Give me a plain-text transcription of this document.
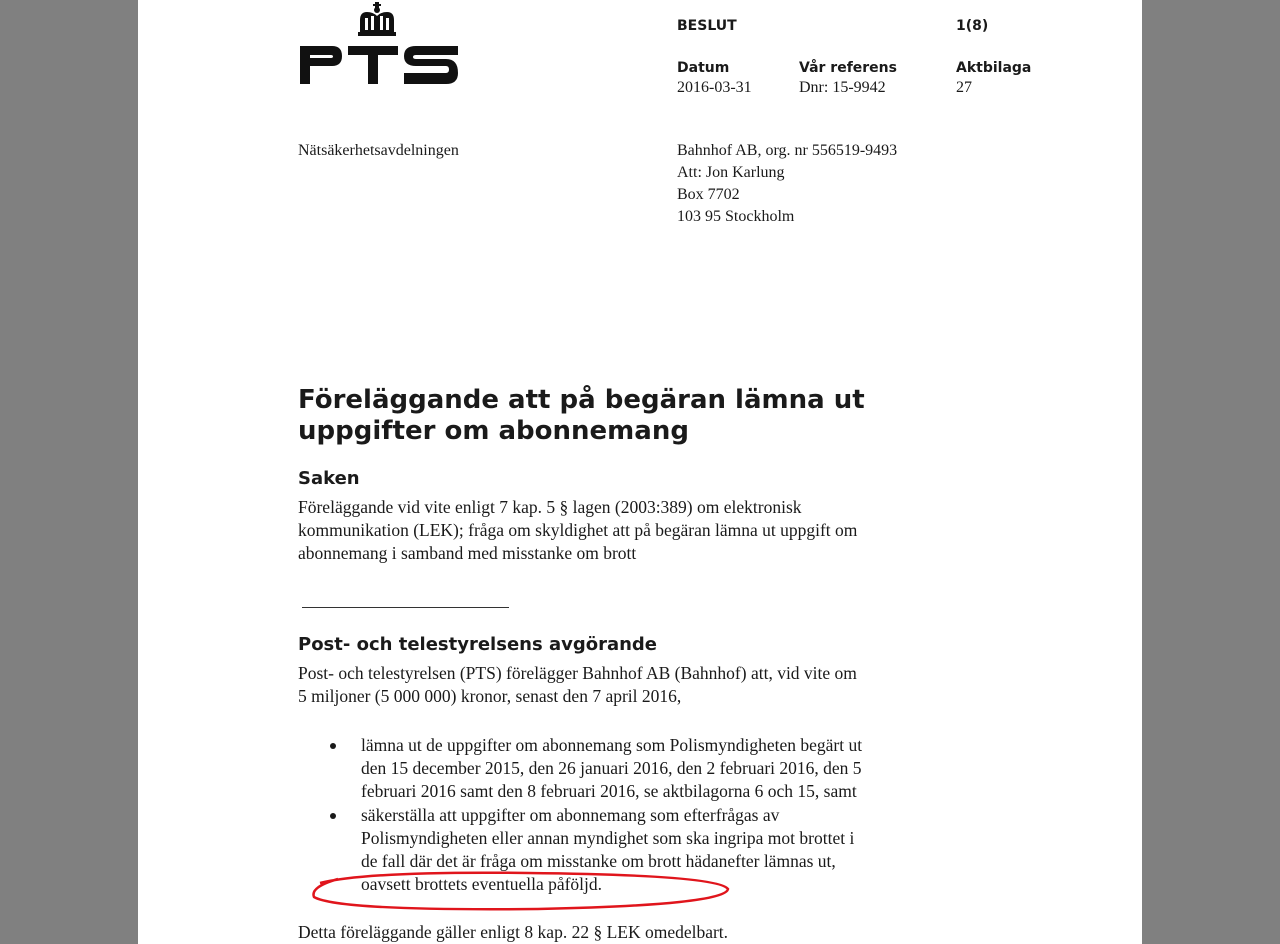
BESLUT	1(8)
Datum	Vår referens	Aktbilaga
2016-03-31	Dnr: 15-9942	27
Nätsäkerhetsavdelningen	Bahnhof AB, org. nr 556519-9493
Att: Jon Karlung
Box 7702
103 95 Stockholm
Föreläggande att på begäran lämna ut
uppgifter om abonnemang
Saken
Föreläggande vid vite enligt 7 kap. 5 § lagen (2003:389) om elektronisk
kommunikation (LEK); fråga om skyldighet att på begäran lämna ut uppgift om
abonnemang i samband med misstanke om brott
Post- och telestyrelsens avgörande
Post- och telestyrelsen (PTS) förelägger Bahnhof AB (Bahnhof) att, vid vite om
5 miljoner (5 000 000) kronor, senast den 7 april 2016,
lämna ut de uppgifter om abonnemang som Polismyndigheten begärt ut
den 15 december 2015, den 26 januari 2016, den 2 februari 2016, den 5
februari 2016 samt den 8 februari 2016, se aktbilagorna 6 och 15, samt
säkerställa att uppgifter om abonnemang som efterfrågas av
Polismyndigheten eller annan myndighet som ska ingripa mot brottet i
de fall där det är fråga om misstanke om brott hädanefter lämnas ut,
oavsett brottets eventuella påföljd.
Detta föreläggande gäller enligt 8 kap. 22 § LEK omedelbart.
